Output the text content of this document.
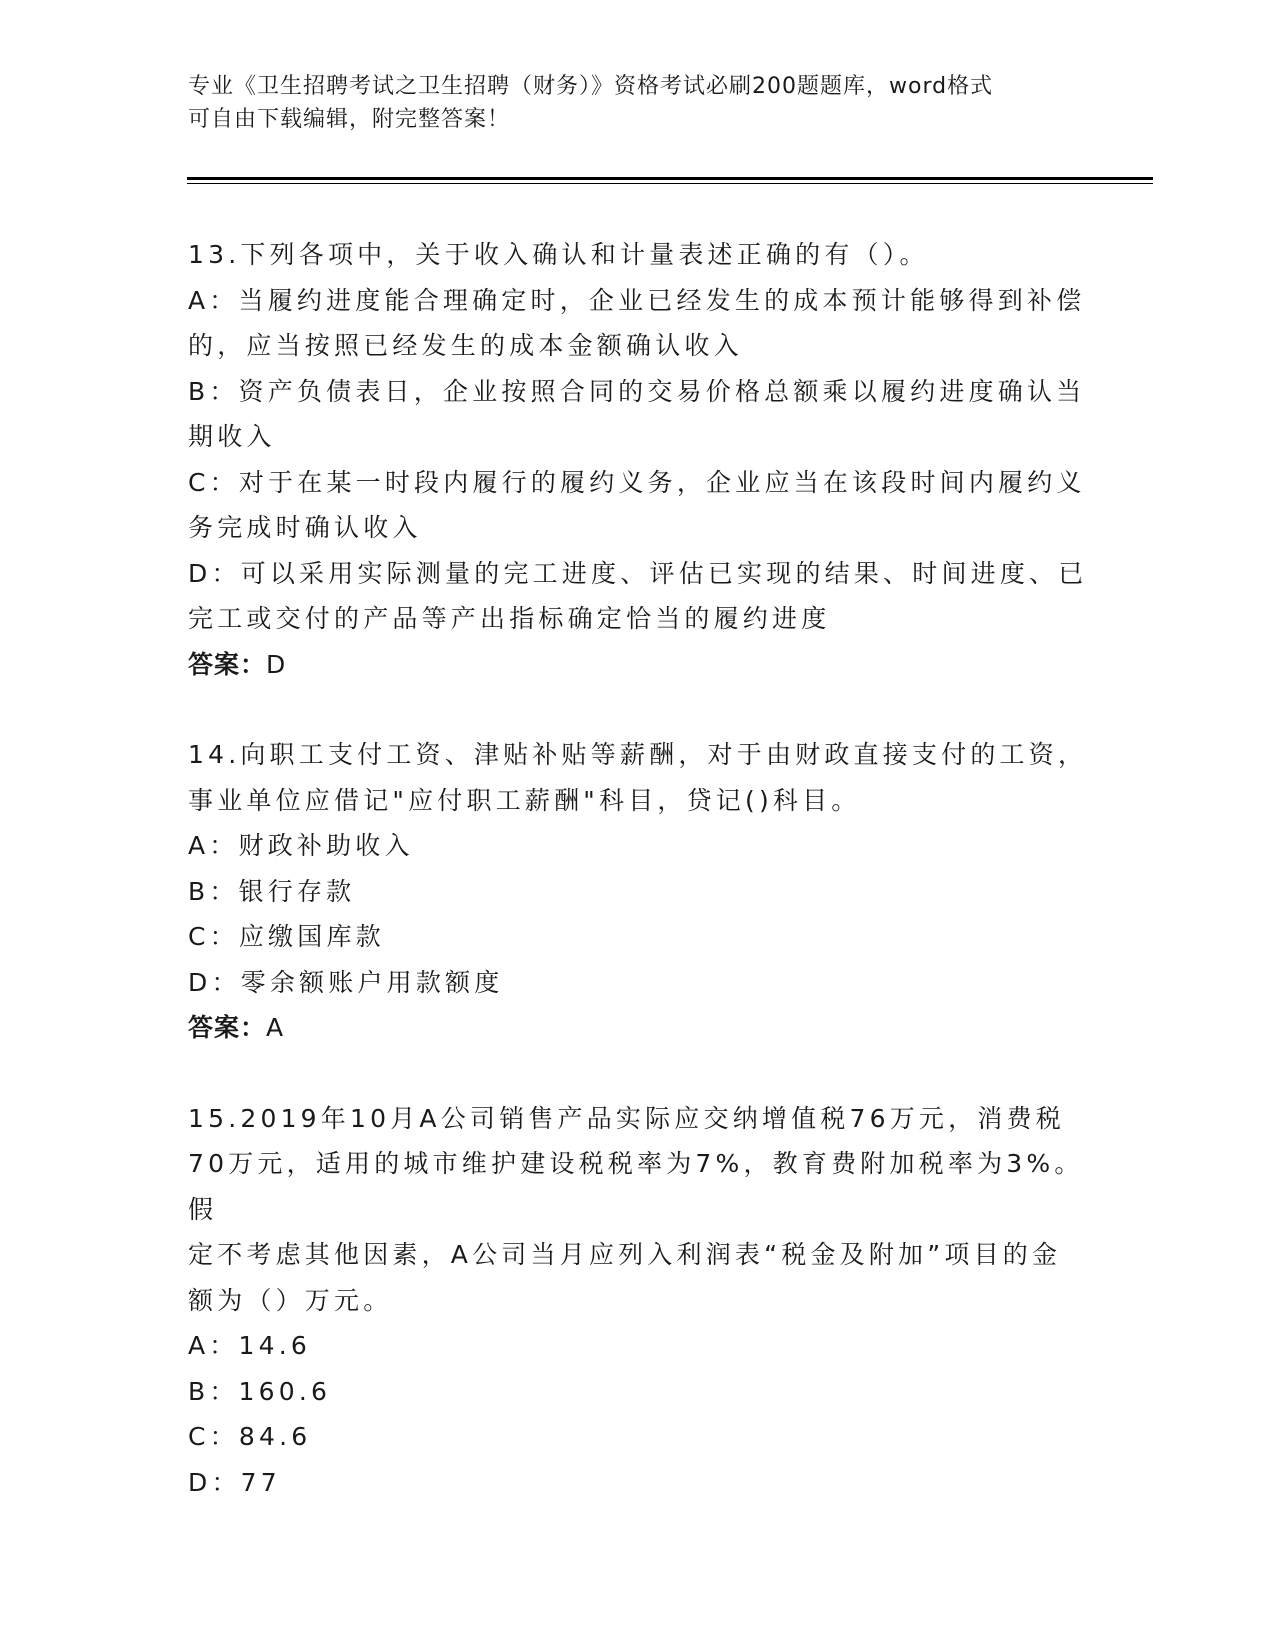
专业《卫生招聘考试之卫生招聘（财务）》资格考试必刷200题题库，word格式
可自由下载编辑，附完整答案！
13.下列各项中，关于收入确认和计量表述正确的有（）。
A：当履约进度能合理确定时，企业已经发生的成本预计能够得到补偿
的，应当按照已经发生的成本金额确认收入
B：资产负债表日，企业按照合同的交易价格总额乘以履约进度确认当
期收入
C：对于在某一时段内履行的履约义务，企业应当在该段时间内履约义
务完成时确认收入
D：可以采用实际测量的完工进度、评估已实现的结果、时间进度、已
完工或交付的产品等产出指标确定恰当的履约进度
答案：D
14.向职工支付工资、津贴补贴等薪酬，对于由财政直接支付的工资，
事业单位应借记"应付职工薪酬"科目，贷记()科目。
A：财政补助收入
B：银行存款
C：应缴国库款
D：零余额账户用款额度
答案：A
15.2019年10月A公司销售产品实际应交纳增值税76万元，消费税
70万元，适用的城市维护建设税税率为7%，教育费附加税率为3%。假
定不考虑其他因素，A公司当月应列入利润表“税金及附加”项目的金
额为（）万元。
A：14.6
B：160.6
C：84.6
D：77
